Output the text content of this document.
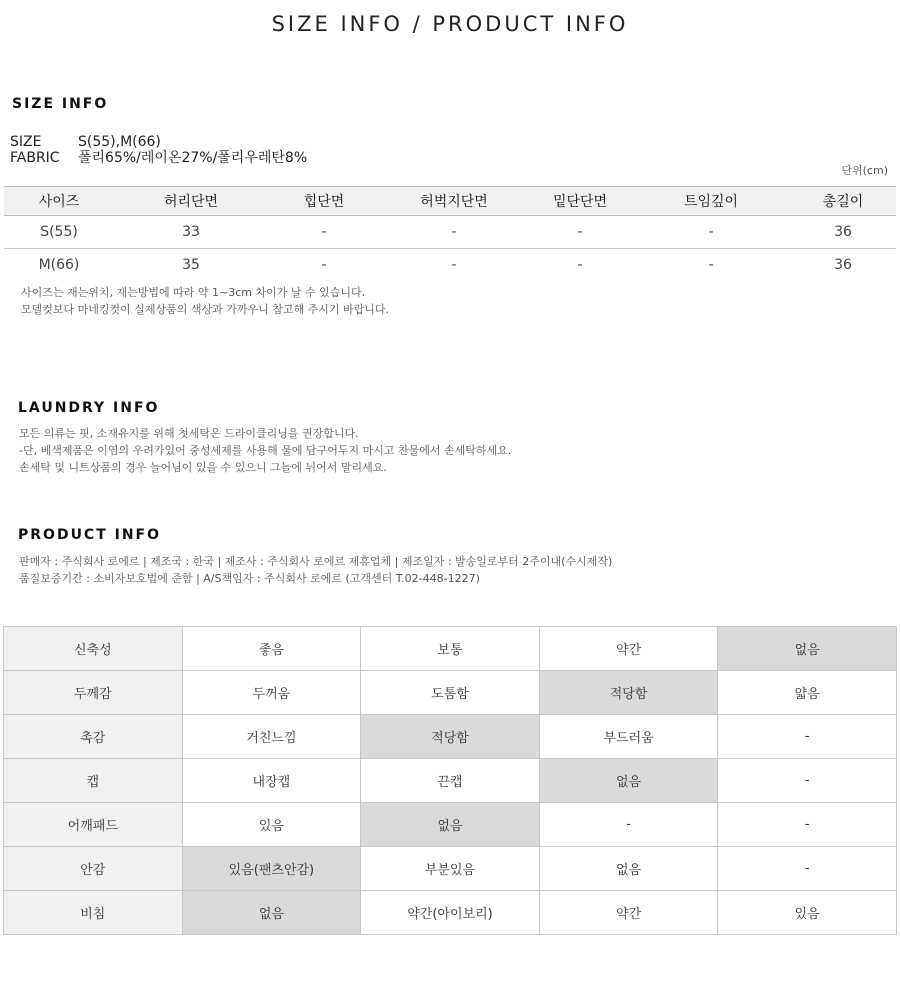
SIZE INFO / PRODUCT INFO
SIZE INFO
SIZE	S(55),M(66)
FABRIC 폴리65%/레이온27%/폴리우레탄8%
단위(cm)
사이즈	허리단면	힙단면	허벅지단면	밑단단면	트임깊이	총길이
S(55)	33	-	-	-	-	36
M(66)	35	-	-	-	-	36
사이즈는 재는위치, 재는방법에 따라 약 1~3cm 차이가 날 수 있습니다.
모델컷보다 마네킹컷이 실제상품의 색상과 가까우니 참고해 주시기 바랍니다.
LAUNDRY INFO
모든 의류는 핏, 소재유지를 위해 첫세탁은 드라이클리닝을 권장합니다.
-단, 베색제품은 이염의 우려가있어 중성세제를 사용해 물에 담구어두지 마시고 찬물에서 손세탁하세요.
손세탁 및 니트상품의 경우 늘어님이 있을 수 있으니 그늘에 뉘어서 말리세요.
PRODUCT INFO
판매자 : 주식회사 로에르 | 제조국 : 한국 | 제조사 : 주식회사 로에르 제휴업체 | 제조일자 : 발송일로부터 2주이내(수시제작)
품질보증기간 : 소비자보호법에 준함 | A/S책임자 : 주식회사 로에르 (고객센터 T.02-448-1227)
신축성	좋음	보통	약간	없음
두께감	두꺼움	도톰함	적당함	얇음
촉감	거친느낌	적당함	부드러움	-
캡	내장캡	끈캡	없음	-
어깨패드	있음	없음	-	-
안감	있음(팬츠안감)	부분있음	없음	-
비침	없음	약간(아이보리)	약간	있음
